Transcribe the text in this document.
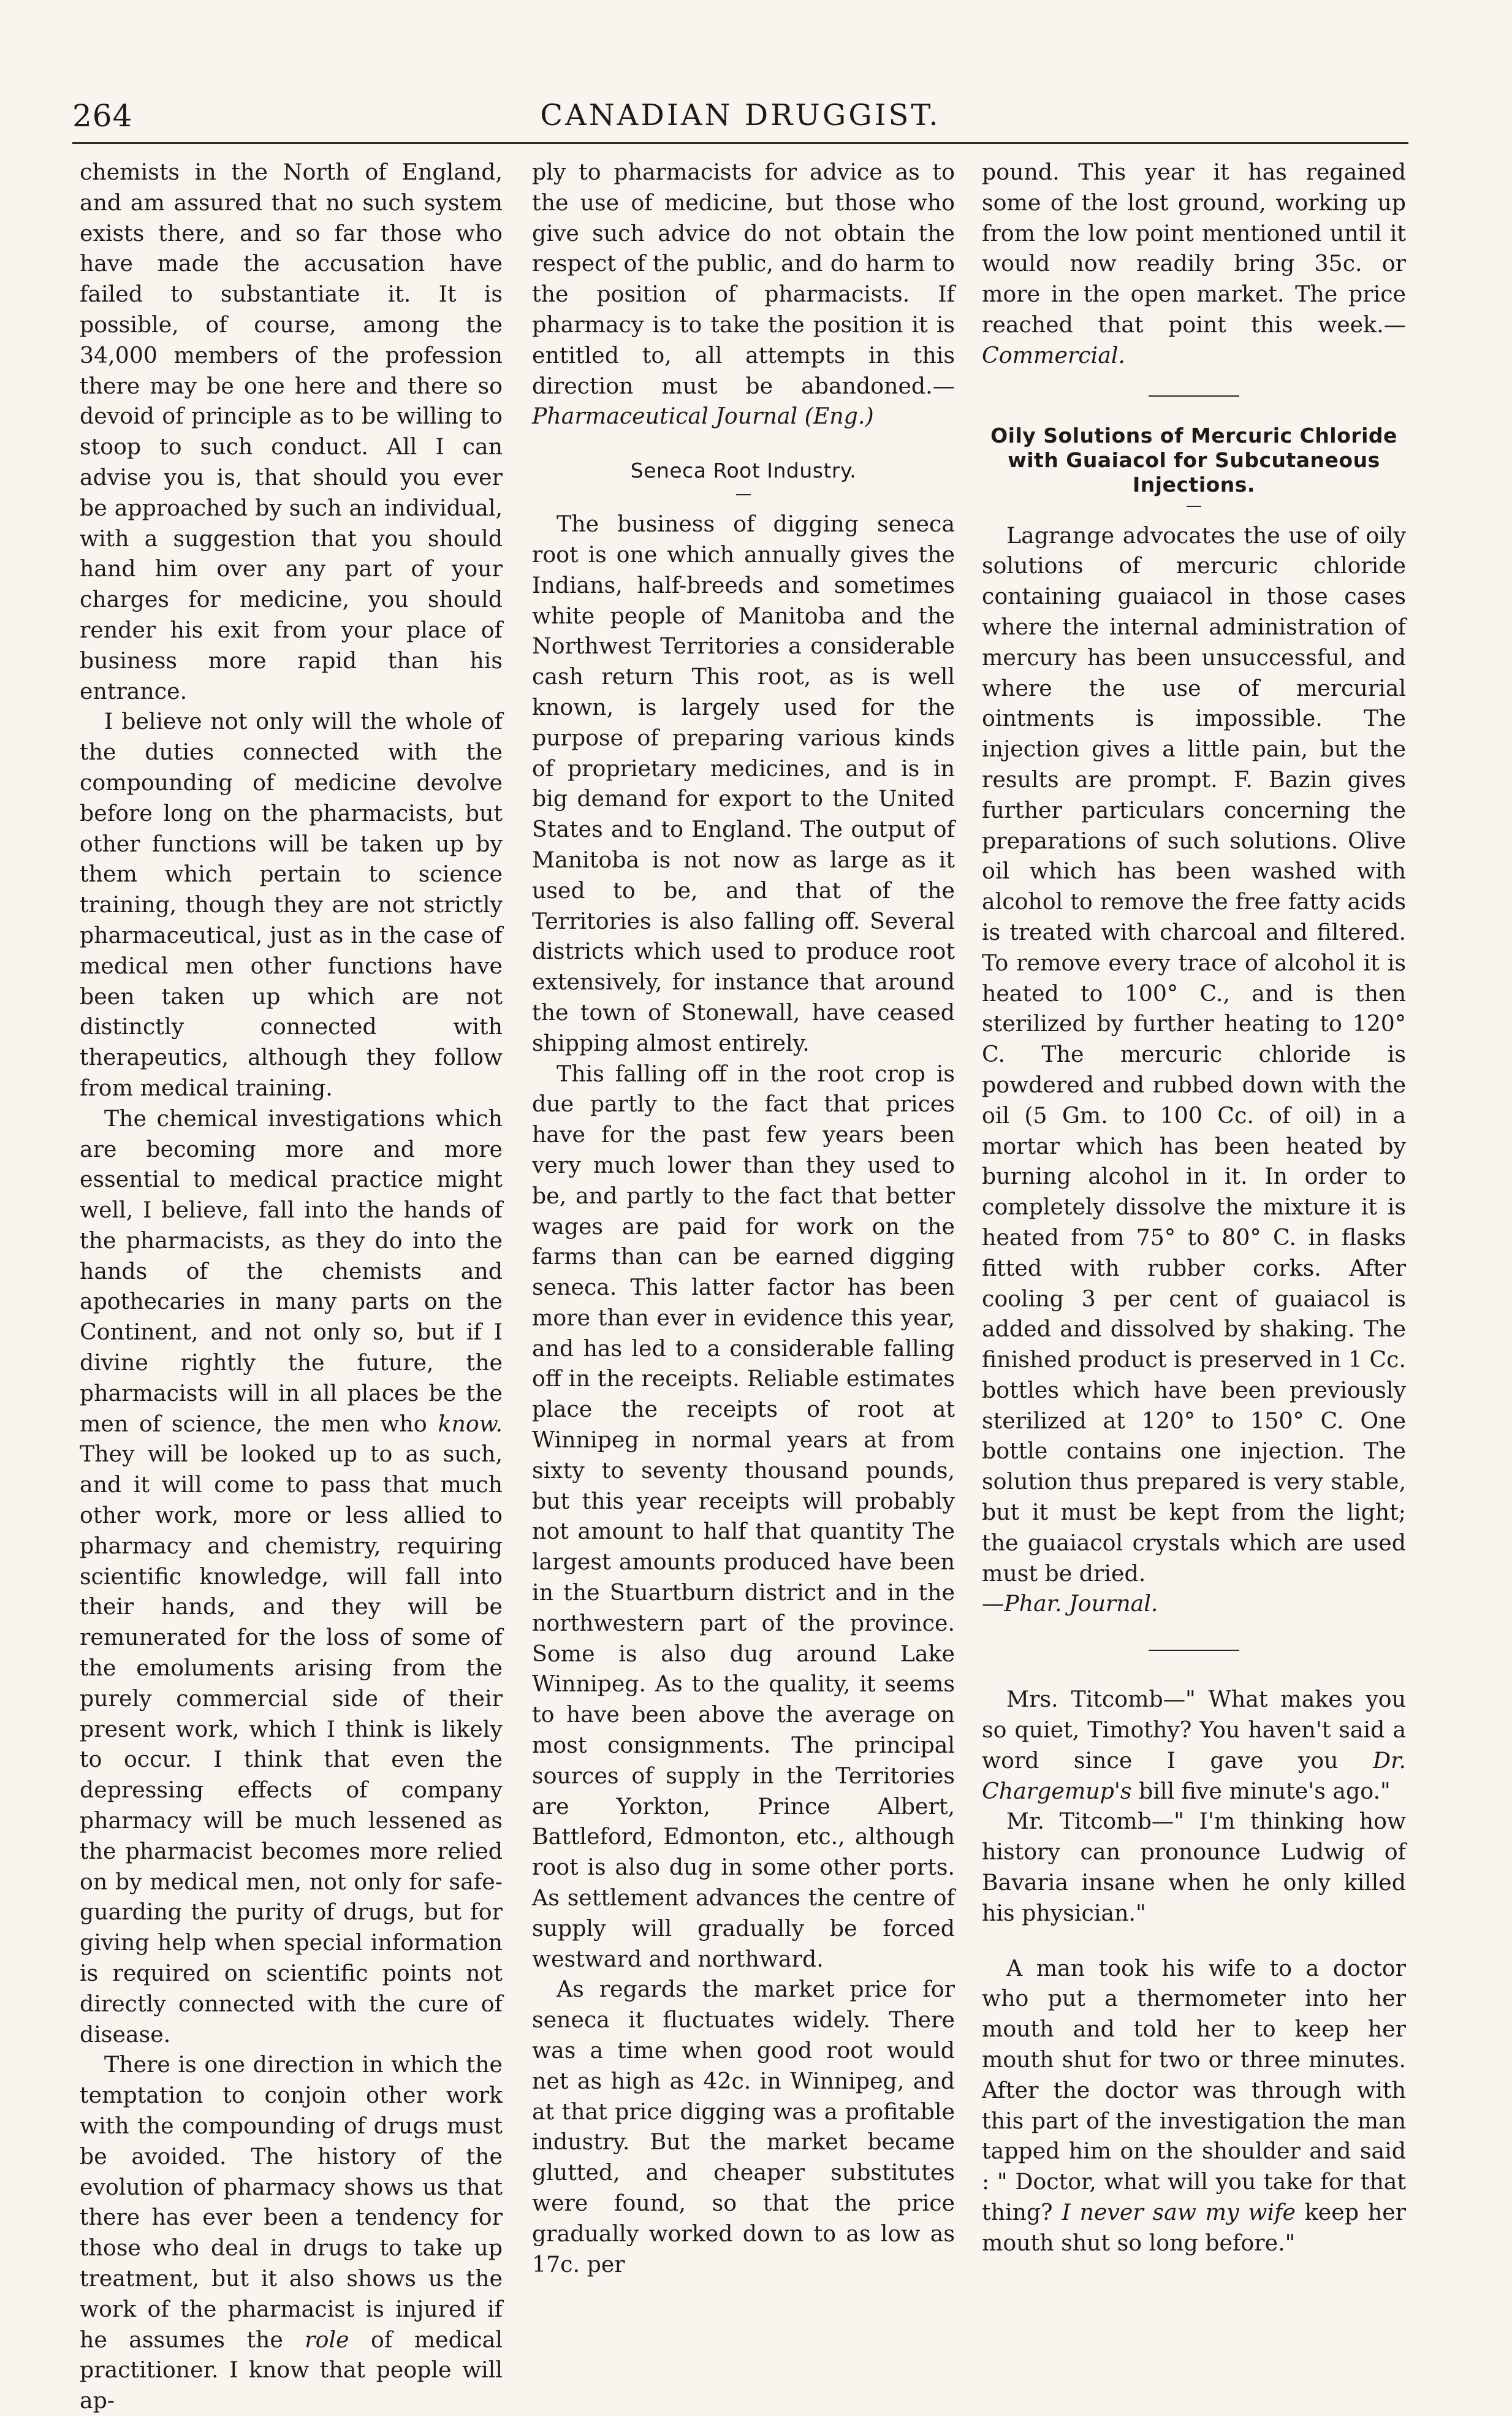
264	CANADIAN DRUGGIST.

chemists in the North of England, and am assured that no such system exists there, and so far those who have made the accusation have failed to substantiate it. It is possible, of course, among the 34,000 members of the profession there may be one here and there so devoid of principle as to be willing to stoop to such conduct. All I can advise you is, that should you ever be approached by such an individual, with a suggestion that you should hand him over any part of your charges for medicine, you should render his exit from your place of business more rapid than his entrance.

I believe not only will the whole of the duties connected with the compounding of medicine devolve before long on the pharmacists, but other functions will be taken up by them which pertain to science training, though they are not strictly pharmaceutical, just as in the case of medical men other functions have been taken up which are not distinctly connected with therapeutics, although they follow from medical training.

The chemical investigations which are becoming more and more essential to medical practice might well, I believe, fall into the hands of the pharmacists, as they do into the hands of the chemists and apothecaries in many parts on the Continent, and not only so, but if I divine rightly the future, the pharmacists will in all places be the men of science, the men who know. They will be looked up to as such, and it will come to pass that much other work, more or less allied to pharmacy and chemistry, requiring scientific knowledge, will fall into their hands, and they will be remunerated for the loss of some of the emoluments arising from the purely commercial side of their present work, which I think is likely to occur. I think that even the depressing effects of company pharmacy will be much lessened as the pharmacist becomes more relied on by medical men, not only for safe-guarding the purity of drugs, but for giving help when special information is required on scientific points not directly connected with the cure of disease.

There is one direction in which the temptation to conjoin other work with the compounding of drugs must be avoided. The history of the evolution of pharmacy shows us that there has ever been a tendency for those who deal in drugs to take up treatment, but it also shows us the work of the pharmacist is injured if he assumes the role of medical practitioner. I know that people will ap-

ply to pharmacists for advice as to the use of medicine, but those who give such advice do not obtain the respect of the public, and do harm to the position of pharmacists. If pharmacy is to take the position it is entitled to, all attempts in this direction must be abandoned.—Pharmaceutical Journal (Eng.)

Seneca Root Industry.

The business of digging seneca root is one which annually gives the Indians, half-breeds and sometimes white people of Manitoba and the Northwest Territories a considerable cash return This root, as is well known, is largely used for the purpose of preparing various kinds of proprietary medicines, and is in big demand for export to the United States and to England. The output of Manitoba is not now as large as it used to be, and that of the Territories is also falling off. Several districts which used to produce root extensively, for instance that around the town of Stonewall, have ceased shipping almost entirely.

This falling off in the root crop is due partly to the fact that prices have for the past few years been very much lower than they used to be, and partly to the fact that better wages are paid for work on the farms than can be earned digging seneca. This latter factor has been more than ever in evidence this year, and has led to a considerable falling off in the receipts. Reliable estimates place the receipts of root at Winnipeg in normal years at from sixty to seventy thousand pounds, but this year receipts will probably not amount to half that quantity The largest amounts produced have been in the Stuartburn district and in the northwestern part of the province. Some is also dug around Lake Winnipeg. As to the quality, it seems to have been above the average on most consignments. The principal sources of supply in the Territories are Yorkton, Prince Albert, Battleford, Edmonton, etc., although root is also dug in some other ports. As settlement advances the centre of supply will gradually be forced westward and northward.

As regards the market price for seneca it fluctuates widely. There was a time when good root would net as high as 42c. in Winnipeg, and at that price digging was a profitable industry. But the market became glutted, and cheaper substitutes were found, so that the price gradually worked down to as low as 17c. per

pound. This year it has regained some of the lost ground, working up from the low point mentioned until it would now readily bring 35c. or more in the open market. The price reached that point this week.—Commercial.

Oily Solutions of Mercuric Chloride with Guaiacol for Subcutaneous Injections.

Lagrange advocates the use of oily solutions of mercuric chloride containing guaiacol in those cases where the internal administration of mercury has been unsuccessful, and where the use of mercurial ointments is impossible. The injection gives a little pain, but the results are prompt. F. Bazin gives further particulars concerning the preparations of such solutions. Olive oil which has been washed with alcohol to remove the free fatty acids is treated with charcoal and filtered. To remove every trace of alcohol it is heated to 100° C., and is then sterilized by further heating to 120° C. The mercuric chloride is powdered and rubbed down with the oil (5 Gm. to 100 Cc. of oil) in a mortar which has been heated by burning alcohol in it. In order to completely dissolve the mixture it is heated from 75° to 80° C. in flasks fitted with rubber corks. After cooling 3 per cent of guaiacol is added and dissolved by shaking. The finished product is preserved in 1 Cc. bottles which have been previously sterilized at 120° to 150° C. One bottle contains one injection. The solution thus prepared is very stable, but it must be kept from the light; the guaiacol crystals which are used must be dried.

—Phar. Journal.

Mrs. Titcomb—" What makes you so quiet, Timothy? You haven't said a word since I gave you Dr. Chargemup's bill five minute's ago."

Mr. Titcomb—" I'm thinking how history can pronounce Ludwig of Bavaria insane when he only killed his physician."

A man took his wife to a doctor who put a thermometer into her mouth and told her to keep her mouth shut for two or three minutes. After the doctor was through with this part of the investigation the man tapped him on the shoulder and said : " Doctor, what will you take for that thing? I never saw my wife keep her mouth shut so long before."
